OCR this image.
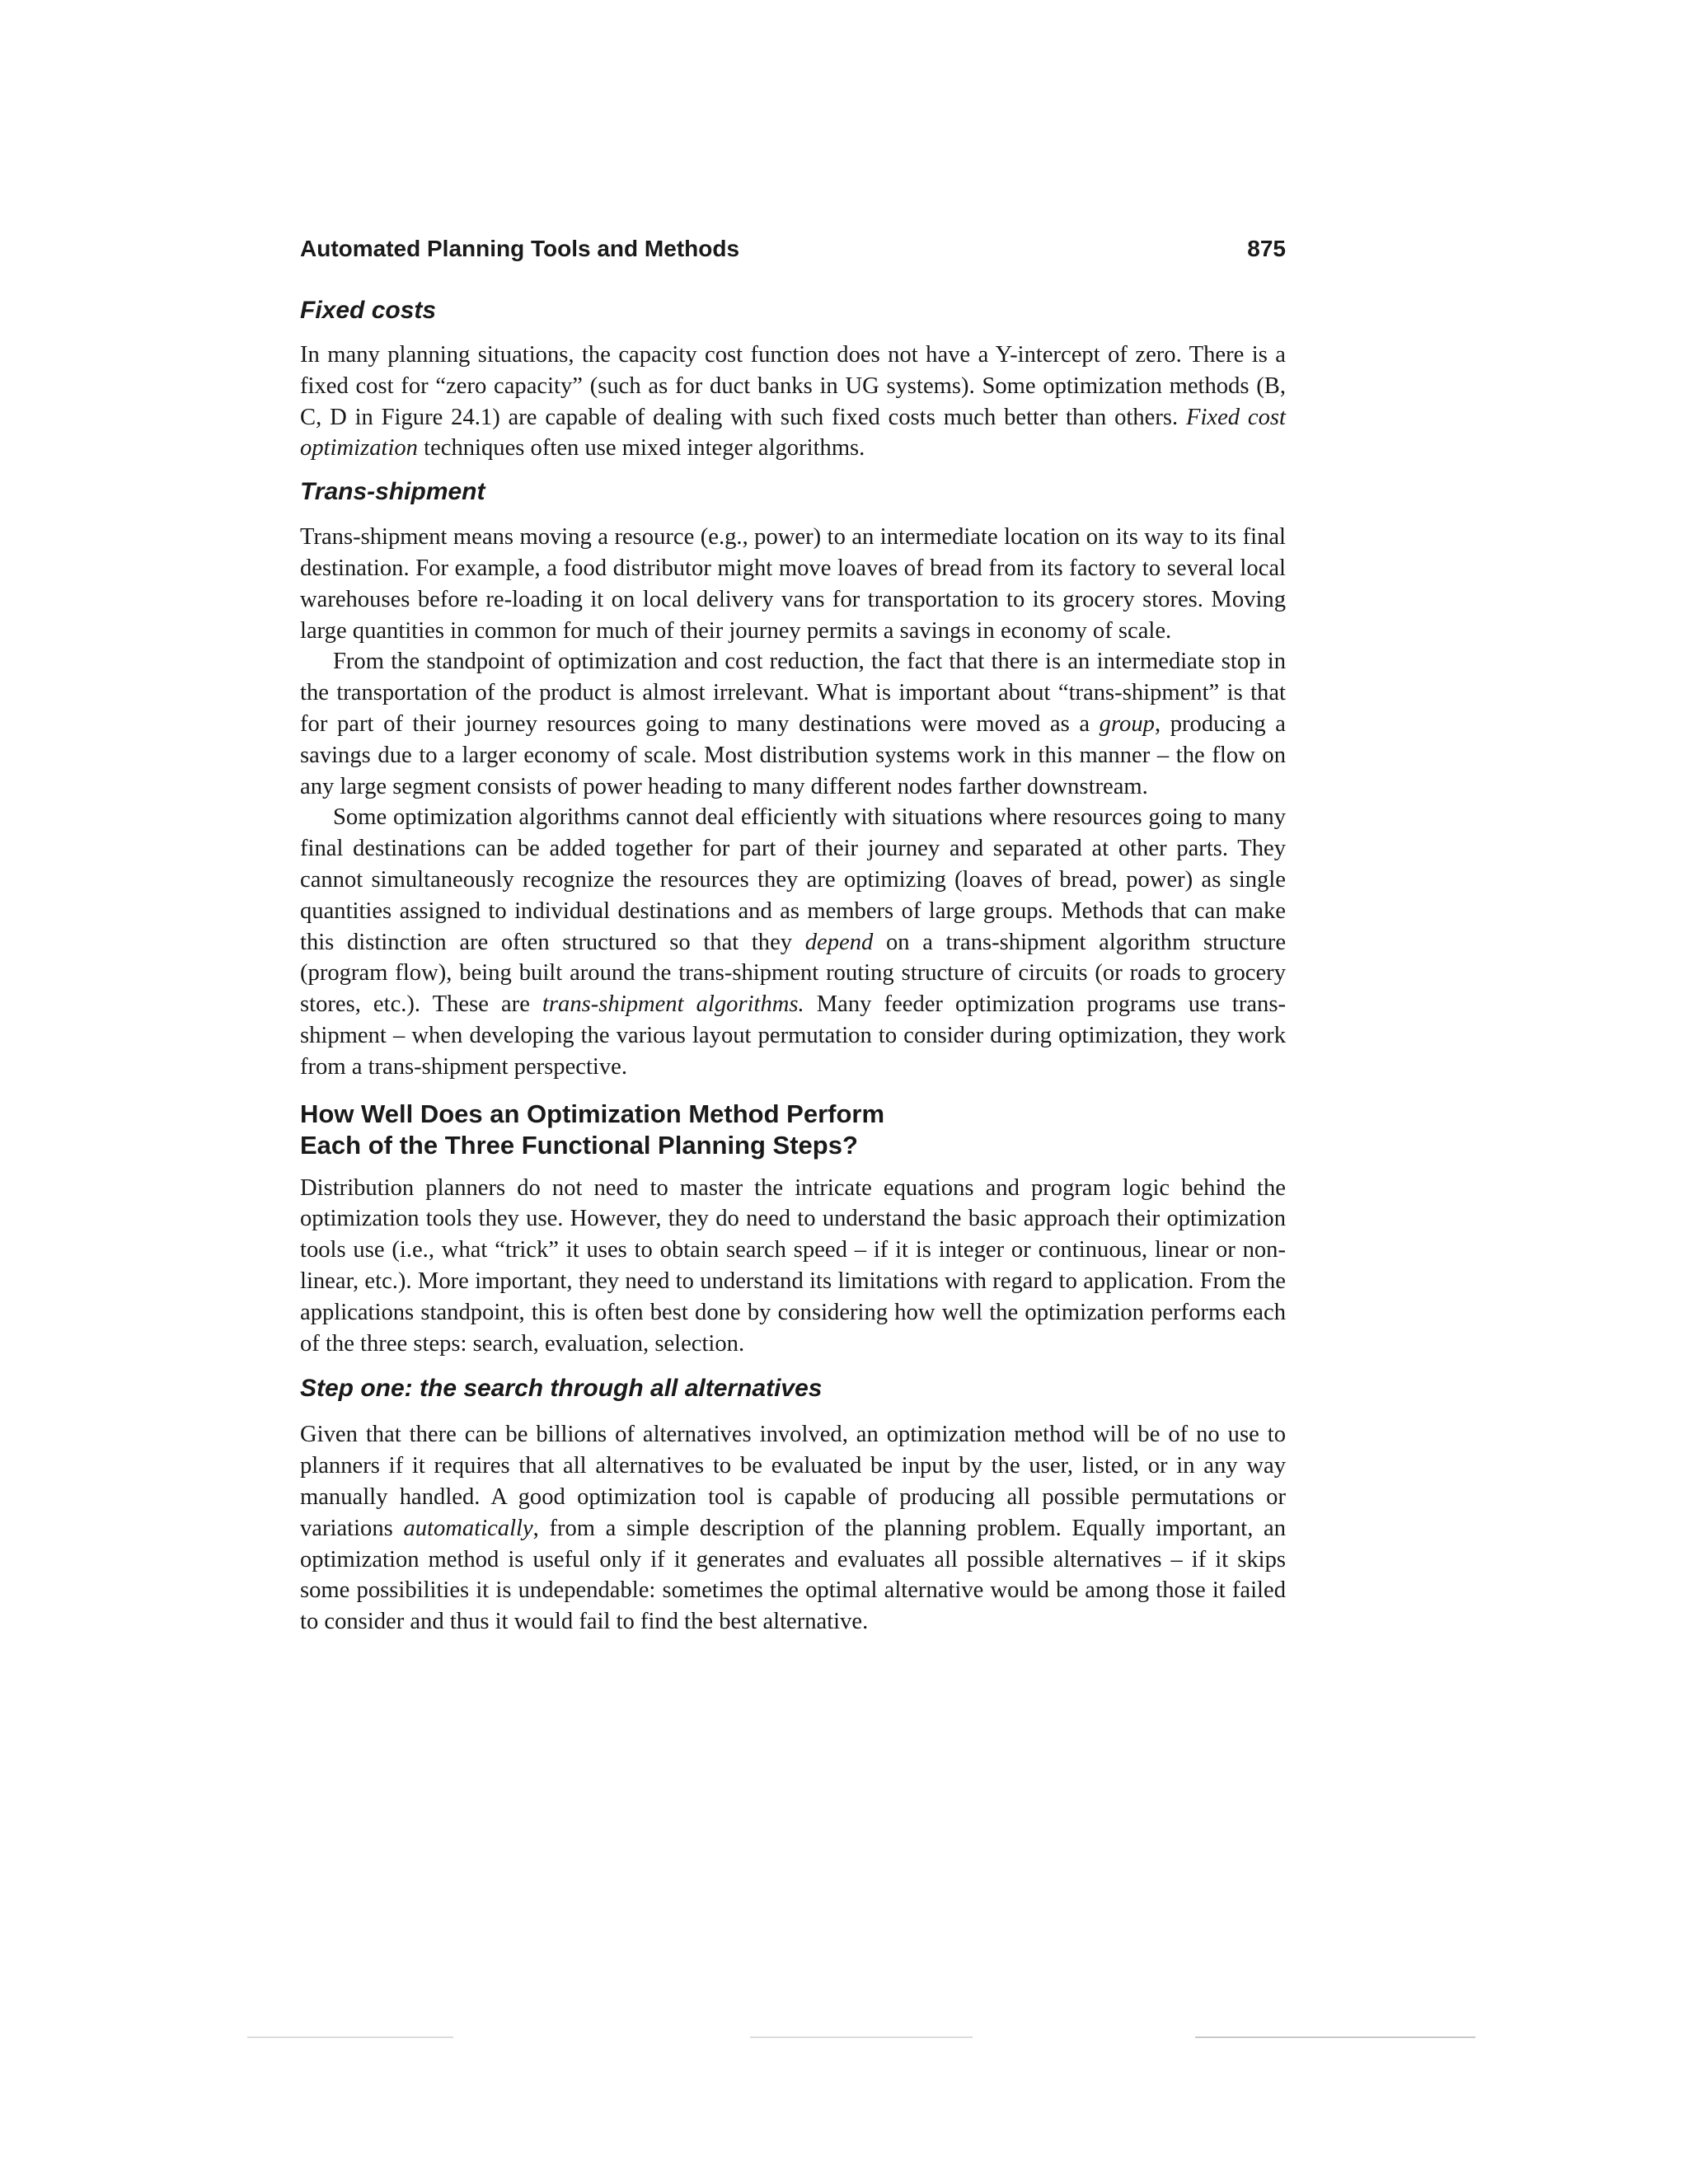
Automated Planning Tools and Methods	875
Fixed costs

In many planning situations, the capacity cost function does not have a Y-intercept of zero. There is a fixed cost for “zero capacity” (such as for duct banks in UG systems). Some optimization methods (B, C, D in Figure 24.1) are capable of dealing with such fixed costs much better than others. Fixed cost optimization techniques often use mixed integer algorithms.

Trans-shipment

Trans-shipment means moving a resource (e.g., power) to an intermediate location on its way to its final destination. For example, a food distributor might move loaves of bread from its factory to several local warehouses before re-loading it on local delivery vans for transportation to its grocery stores. Moving large quantities in common for much of their journey permits a savings in economy of scale.

From the standpoint of optimization and cost reduction, the fact that there is an intermediate stop in the transportation of the product is almost irrelevant. What is important about “trans-shipment” is that for part of their journey resources going to many destinations were moved as a group, producing a savings due to a larger economy of scale. Most distribution systems work in this manner – the flow on any large segment consists of power heading to many different nodes farther downstream.

Some optimization algorithms cannot deal efficiently with situations where resources going to many final destinations can be added together for part of their journey and separated at other parts. They cannot simultaneously recognize the resources they are optimizing (loaves of bread, power) as single quantities assigned to individual destinations and as members of large groups. Methods that can make this distinction are often structured so that they depend on a trans-shipment algorithm structure (program flow), being built around the trans-shipment routing structure of circuits (or roads to grocery stores, etc.). These are trans-shipment algorithms. Many feeder optimization programs use trans-shipment – when developing the various layout permutation to consider during optimization, they work from a trans-shipment perspective.

How Well Does an Optimization Method Perform
Each of the Three Functional Planning Steps?

Distribution planners do not need to master the intricate equations and program logic behind the optimization tools they use. However, they do need to understand the basic approach their optimization tools use (i.e., what “trick” it uses to obtain search speed – if it is integer or continuous, linear or non-linear, etc.). More important, they need to understand its limitations with regard to application. From the applications standpoint, this is often best done by considering how well the optimization performs each of the three steps: search, evaluation, selection.

Step one: the search through all alternatives

Given that there can be billions of alternatives involved, an optimization method will be of no use to planners if it requires that all alternatives to be evaluated be input by the user, listed, or in any way manually handled. A good optimization tool is capable of producing all possible permutations or variations automatically, from a simple description of the planning problem. Equally important, an optimization method is useful only if it generates and evaluates all possible alternatives – if it skips some possibilities it is undependable: sometimes the optimal alternative would be among those it failed to consider and thus it would fail to find the best alternative.
